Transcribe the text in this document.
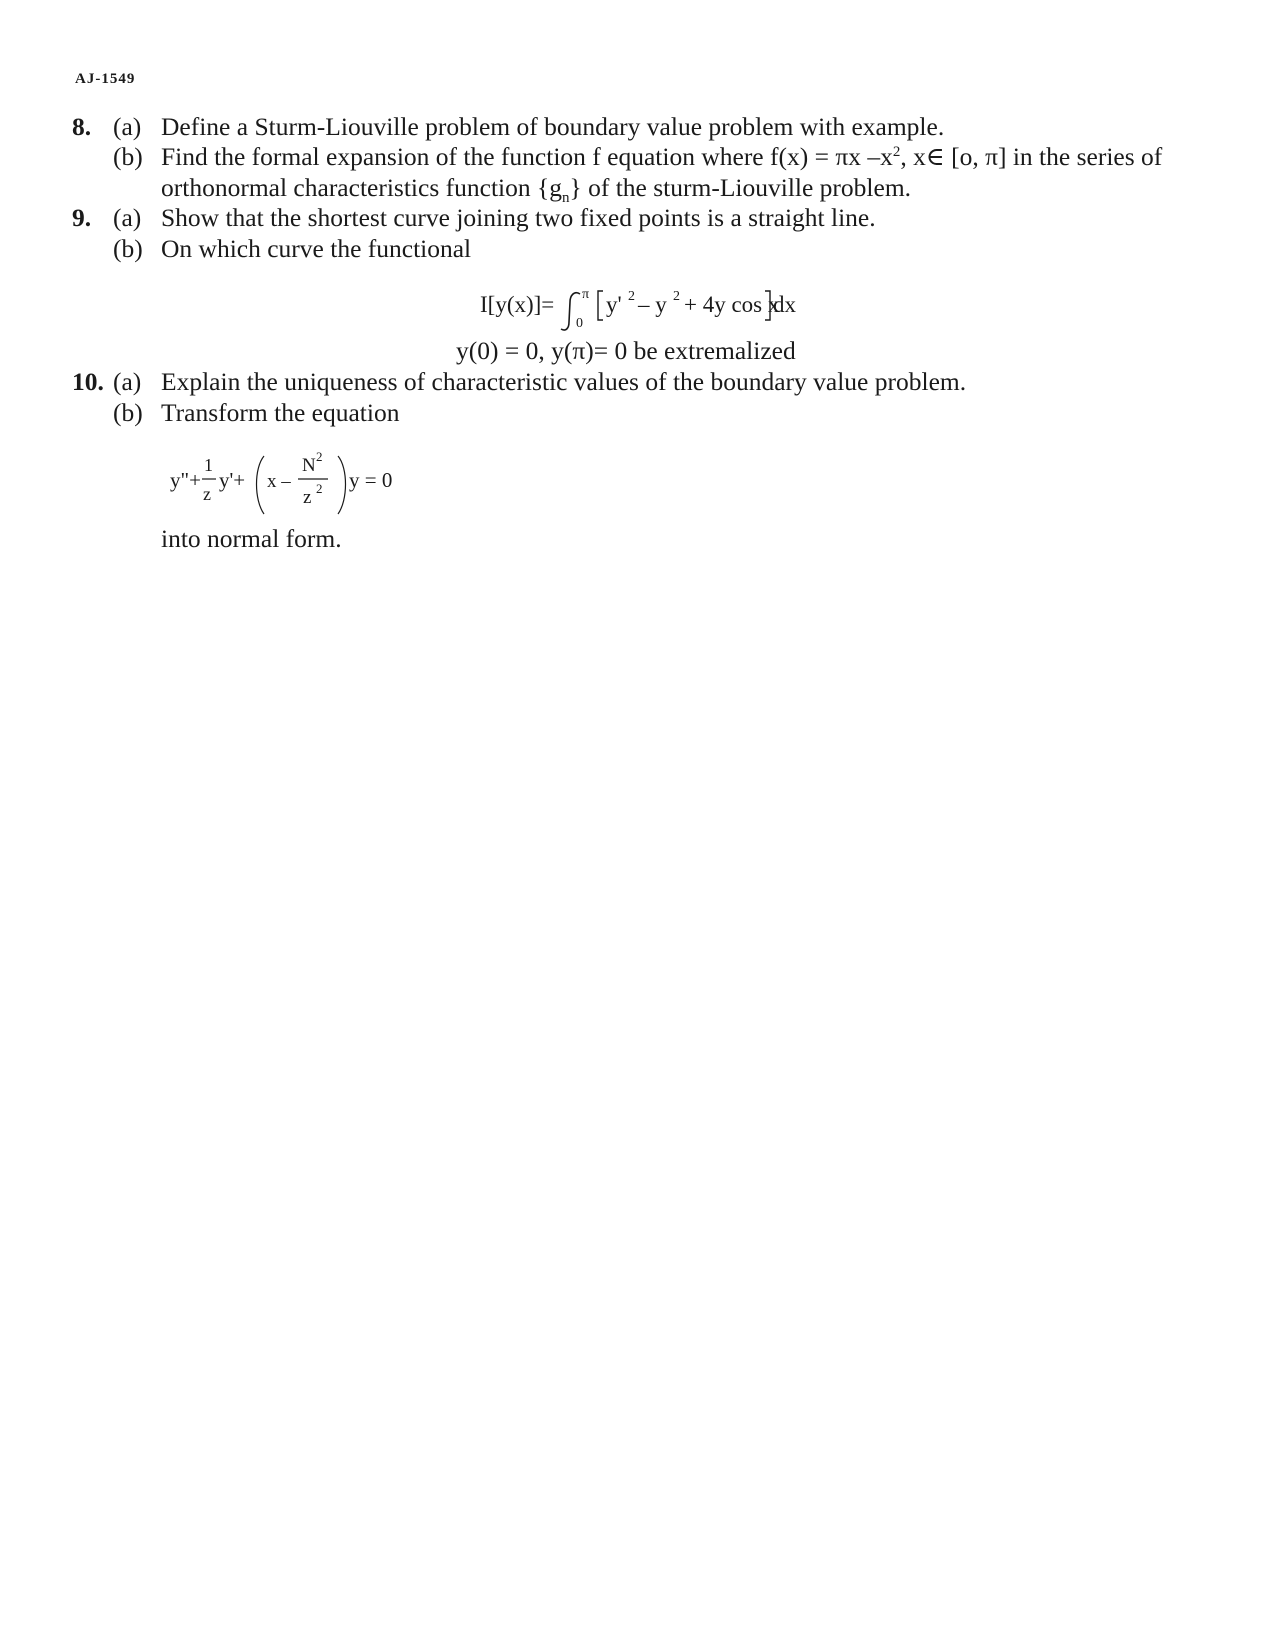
AJ-1549
8. (a) Define a Sturm-Liouville problem of boundary value problem with example.
(b) Find the formal expansion of the function f equation where f(x) = πx $-x^2$, x∈ [o, π] in the series of
orthonormal characteristics function $\{g_n\}$ of the sturm-Liouville problem.
9. (a) Show that the shortest curve joining two fixed points is a straight line.
(b) On which curve the functional
I[y(x)]= π
0
y' 2 – y 2 + 4y cos x
dx
y(0) = 0, y(π)= 0 be extremalized
10. (a) Explain the uniqueness of characteristic values of the boundary value problem.
(b) Transform the equation
y"+
1
z
y'+ x –
N 2
z 2 y = 0
into normal form.
